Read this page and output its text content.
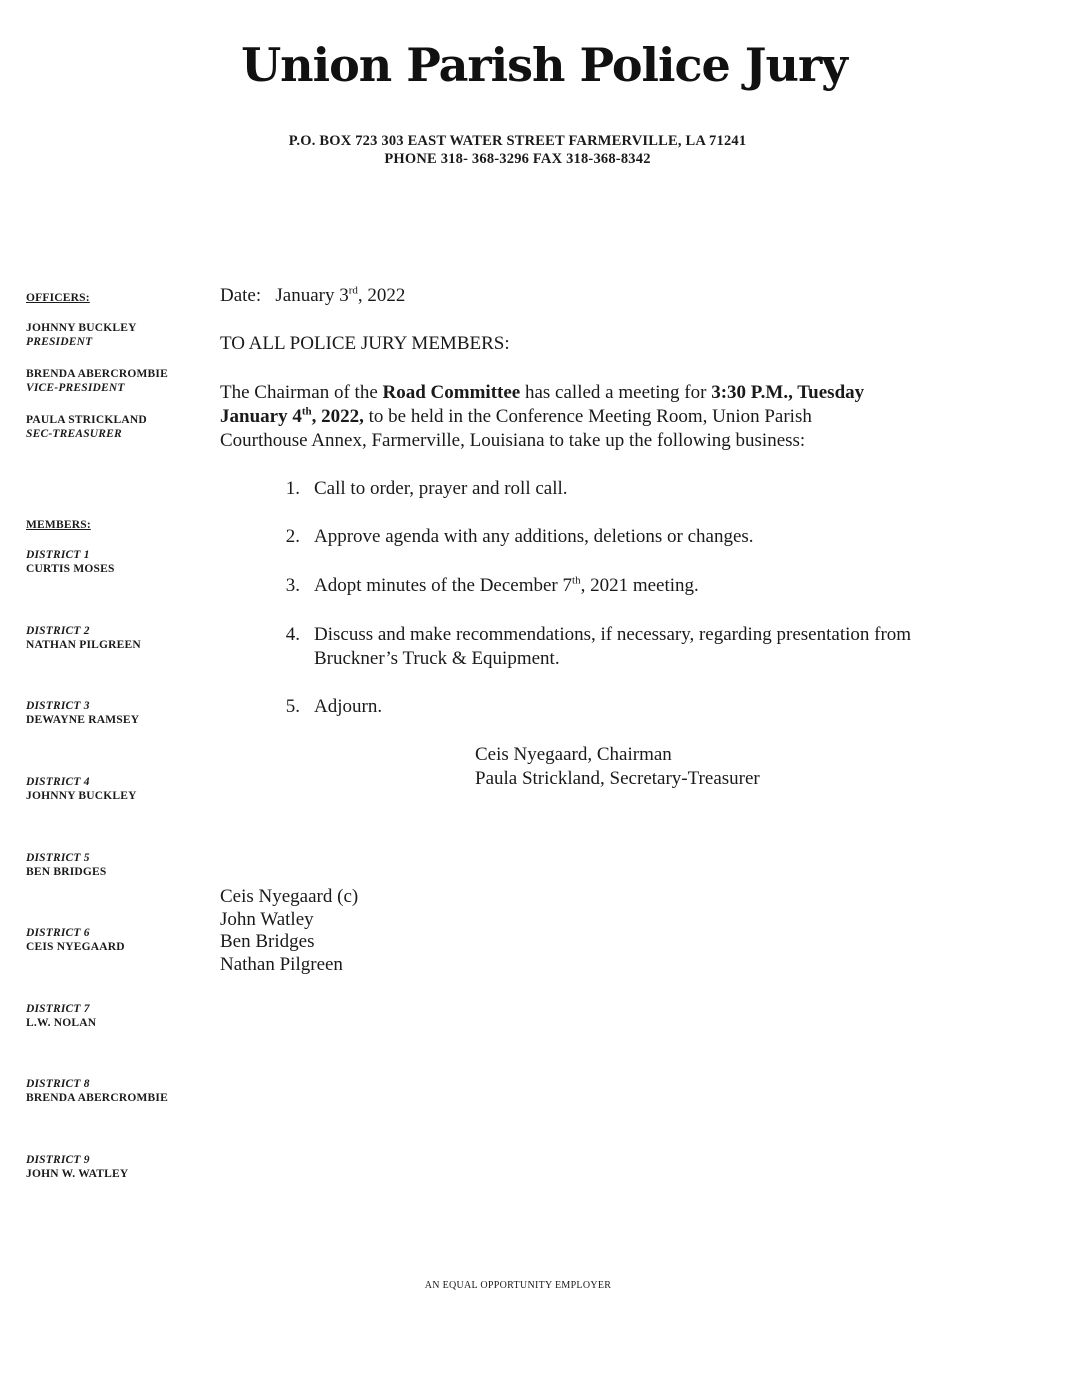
Union Parish Police Jury
P.O. BOX 723 303 EAST WATER STREET FARMERVILLE, LA 71241
PHONE 318- 368-3296 FAX 318-368-8342
OFFICERS:
JOHNNY BUCKLEY
PRESIDENT
BRENDA ABERCROMBIE
VICE-PRESIDENT
PAULA STRICKLAND
SEC-TREASURER
MEMBERS:
DISTRICT 1
CURTIS MOSES
DISTRICT 2
NATHAN PILGREEN
DISTRICT 3
DEWAYNE RAMSEY
DISTRICT 4
JOHNNY BUCKLEY
DISTRICT 5
BEN BRIDGES
DISTRICT 6
CEIS NYEGAARD
DISTRICT 7
L.W. NOLAN
DISTRICT 8
BRENDA ABERCROMBIE
DISTRICT 9
JOHN W. WATLEY
Date: January 3rd, 2022
TO ALL POLICE JURY MEMBERS:
The Chairman of the Road Committee has called a meeting for 3:30 P.M., Tuesday
January 4th, 2022, to be held in the Conference Meeting Room, Union Parish
Courthouse Annex, Farmerville, Louisiana to take up the following business:
1. Call to order, prayer and roll call.
2. Approve agenda with any additions, deletions or changes.
3. Adopt minutes of the December 7th, 2021 meeting.
4. Discuss and make recommendations, if necessary, regarding presentation from Bruckner’s Truck & Equipment.
5. Adjourn.
Ceis Nyegaard, Chairman
Paula Strickland, Secretary-Treasurer
Ceis Nyegaard (c)
John Watley
Ben Bridges
Nathan Pilgreen
AN EQUAL OPPORTUNITY EMPLOYER
